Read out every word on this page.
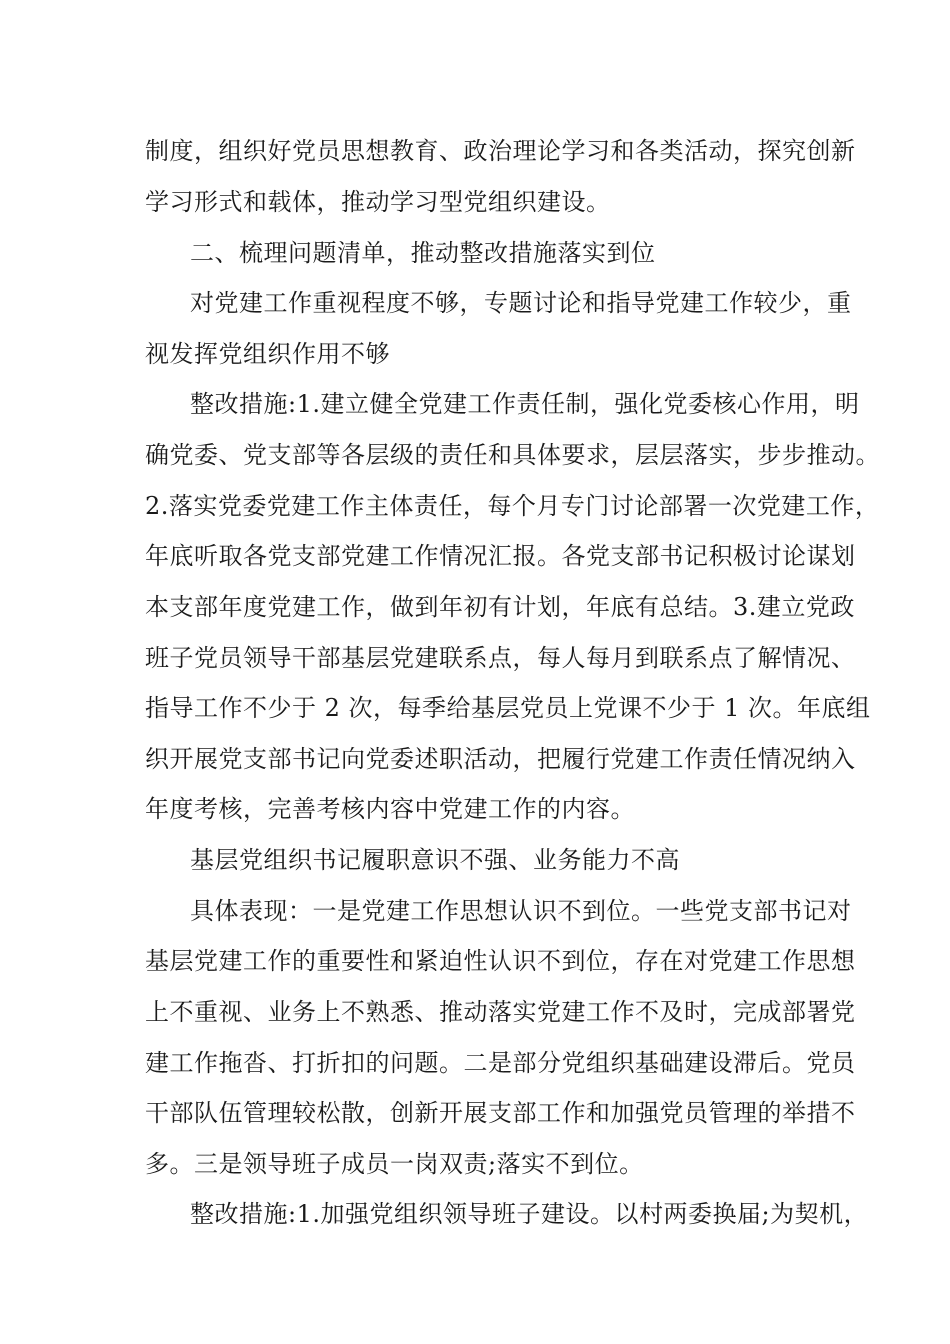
制度，组织好党员思想教育、政治理论学习和各类活动，探究创新
学习形式和载体，推动学习型党组织建设。
二、梳理问题清单，推动整改措施落实到位
对党建工作重视程度不够，专题讨论和指导党建工作较少，重
视发挥党组织作用不够
整改措施:1.建立健全党建工作责任制，强化党委核心作用，明
确党委、党支部等各层级的责任和具体要求，层层落实，步步推动。
2.落实党委党建工作主体责任，每个月专门讨论部署一次党建工作，
年底听取各党支部党建工作情况汇报。各党支部书记积极讨论谋划
本支部年度党建工作，做到年初有计划，年底有总结。3.建立党政
班子党员领导干部基层党建联系点，每人每月到联系点了解情况、
指导工作不少于 2 次，每季给基层党员上党课不少于 1 次。年底组
织开展党支部书记向党委述职活动，把履行党建工作责任情况纳入
年度考核，完善考核内容中党建工作的内容。
基层党组织书记履职意识不强、业务能力不高
具体表现：一是党建工作思想认识不到位。一些党支部书记对
基层党建工作的重要性和紧迫性认识不到位，存在对党建工作思想
上不重视、业务上不熟悉、推动落实党建工作不及时，完成部署党
建工作拖沓、打折扣的问题。二是部分党组织基础建设滞后。党员
干部队伍管理较松散，创新开展支部工作和加强党员管理的举措不
多。三是领导班子成员一岗双责;落实不到位。
整改措施:1.加强党组织领导班子建设。以村两委换届;为契机，
